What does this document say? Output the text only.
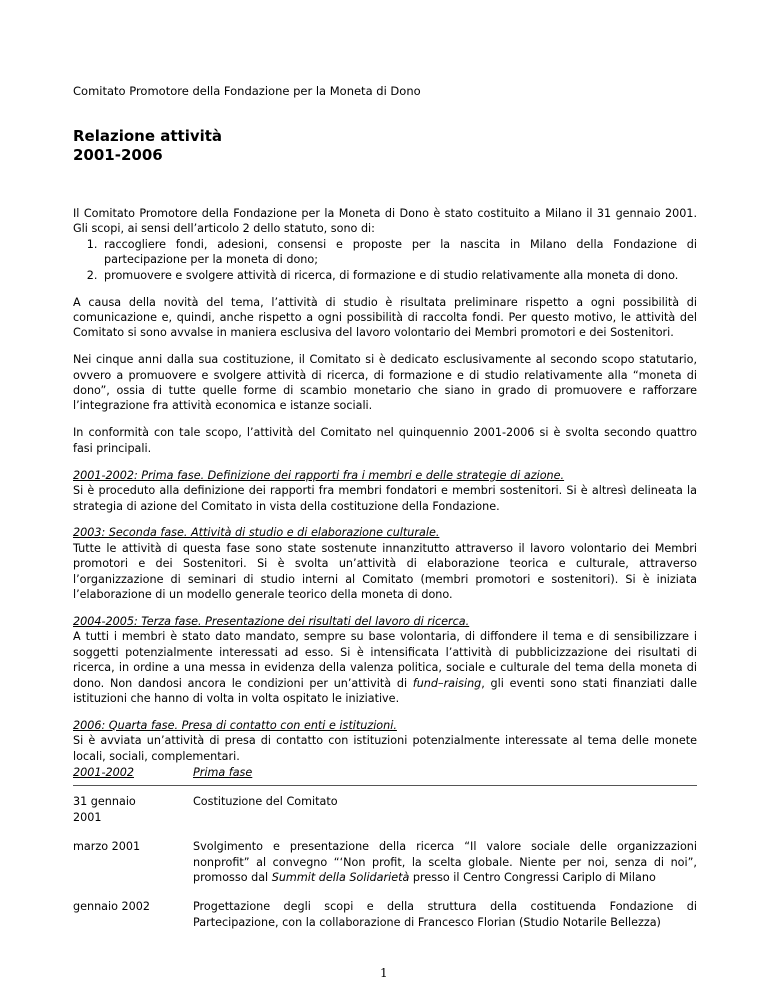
Comitato Promotore della Fondazione per la Moneta di Dono
Relazione attività
2001-2006

Il Comitato Promotore della Fondazione per la Moneta di Dono è stato costituito a Milano il 31 gennaio 2001. Gli scopi, ai sensi dell’articolo 2 dello statuto, sono di:

1. raccogliere fondi, adesioni, consensi e proposte per la nascita in Milano della Fondazione di partecipazione per la moneta di dono;
2. promuovere e svolgere attività di ricerca, di formazione e di studio relativamente alla moneta di dono.

A causa della novità del tema, l’attività di studio è risultata preliminare rispetto a ogni possibilità di comunicazione e, quindi, anche rispetto a ogni possibilità di raccolta fondi. Per questo motivo, le attività del Comitato si sono avvalse in maniera esclusiva del lavoro volontario dei Membri promotori e dei Sostenitori.

Nei cinque anni dalla sua costituzione, il Comitato si è dedicato esclusivamente al secondo scopo statutario, ovvero a promuovere e svolgere attività di ricerca, di formazione e di studio relativamente alla “moneta di dono”, ossia di tutte quelle forme di scambio monetario che siano in grado di promuovere e rafforzare l’integrazione fra attività economica e istanze sociali.

In conformità con tale scopo, l’attività del Comitato nel quinquennio 2001-2006 si è svolta secondo quattro fasi principali.

2001-2002: Prima fase. Definizione dei rapporti fra i membri e delle strategie di azione.
Si è proceduto alla definizione dei rapporti fra membri fondatori e membri sostenitori. Si è altresì delineata la strategia di azione del Comitato in vista della costituzione della Fondazione.

2003: Seconda fase. Attività di studio e di elaborazione culturale.
Tutte le attività di questa fase sono state sostenute innanzitutto attraverso il lavoro volontario dei Membri promotori e dei Sostenitori. Si è svolta un’attività di elaborazione teorica e culturale, attraverso l’organizzazione di seminari di studio interni al Comitato (membri promotori e sostenitori). Si è iniziata l’elaborazione di un modello generale teorico della moneta di dono.

2004-2005: Terza fase. Presentazione dei risultati del lavoro di ricerca.
A tutti i membri è stato dato mandato, sempre su base volontaria, di diffondere il tema e di sensibilizzare i soggetti potenzialmente interessati ad esso. Si è intensificata l’attività di pubblicizzazione dei risultati di ricerca, in ordine a una messa in evidenza della valenza politica, sociale e culturale del tema della moneta di dono. Non dandosi ancora le condizioni per un’attività di fund–raising, gli eventi sono stati finanziati dalle istituzioni che hanno di volta in volta ospitato le iniziative.

2006: Quarta fase. Presa di contatto con enti e istituzioni.
Si è avviata un’attività di presa di contatto con istituzioni potenzialmente interessate al tema delle monete locali, sociali, complementari.

2001-2002	Prima fase
31 gennaio 2001	Costituzione del Comitato
marzo 2001	Svolgimento e presentazione della ricerca “Il valore sociale delle organizzazioni nonprofit” al convegno “‘Non profit, la scelta globale. Niente per noi, senza di noi”, promosso dal Summit della Solidarietà presso il Centro Congressi Cariplo di Milano
gennaio 2002	Progettazione degli scopi e della struttura della costituenda Fondazione di Partecipazione, con la collaborazione di Francesco Florian (Studio Notarile Bellezza)
1
